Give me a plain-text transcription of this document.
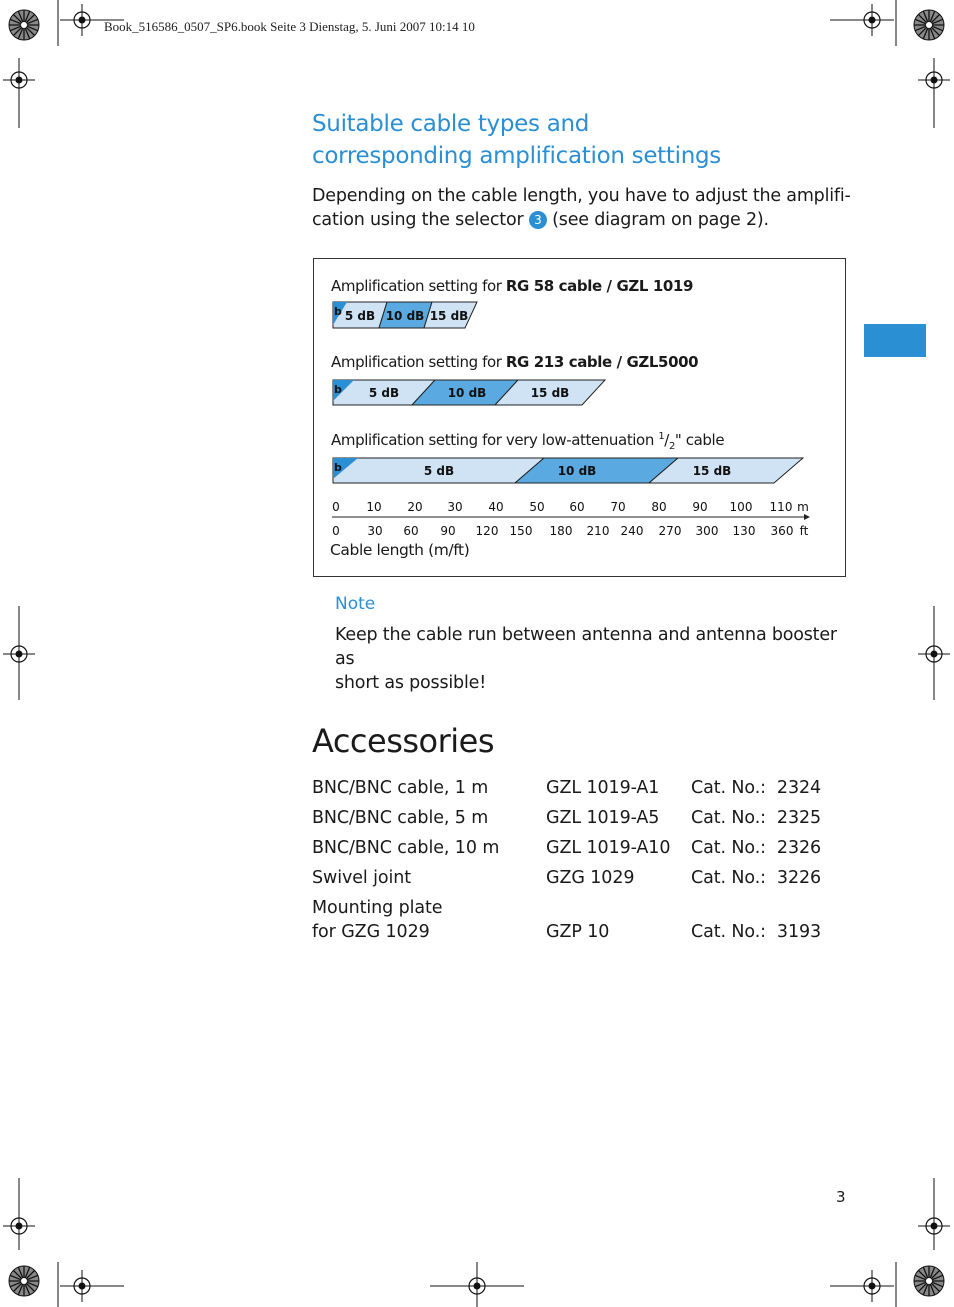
Book_516586_0507_SP6.book Seite 3 Dienstag, 5. Juni 2007 10:14 10
Suitable cable types and
corresponding amplification settings
Depending on the cable length, you have to adjust the amplifi-
cation using the selector 3 (see diagram on page 2).
Amplification setting for RG 58 cable / GZL 1019
Amplification setting for RG 213 cable / GZL5000
Amplification setting for very low-attenuation $^1/_2$" cable
b 5 dB 10 dB 15 dB
b 5 dB	10 dB	15 dB
b	5 dB	10 dB	15 dB
0 10 20 30 40 50 60 70 80 90 100 110
0 30 60 90 120 150 180 210 240 270 300 130 360
m
ft
Cable length (m/ft)
Note
Keep the cable run between antenna and antenna booster as
short as possible!
Accessories
BNC/BNC cable, 1 m	GZL 1019-A1 Cat. No.:  2324
BNC/BNC cable, 5 m	GZL 1019-A5 Cat. No.:  2325
BNC/BNC cable, 10 m	GZL 1019-A10 Cat. No.:  2326
Swivel joint	GZG 1029	Cat. No.:  3226
Mounting plate
for GZG 1029	GZP 10	Cat. No.:  3193
3
